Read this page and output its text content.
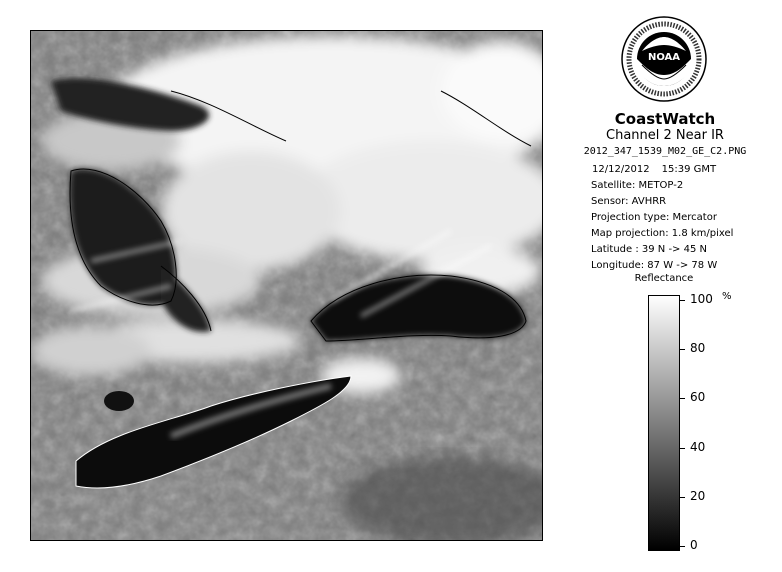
NOAA
CoastWatch
Channel 2 Near IR
2012_347_1539_M02_GE_C2.PNG
12/12/2012 15:39 GMT
Satellite: METOP-2
Sensor: AVHRR
Projection type: Mercator
Map projection: 1.8 km/pixel
Latitude : 39 N -> 45 N
Longitude: 87 W -> 78 W
Reflectance
%
100
80
60
40
20
0
